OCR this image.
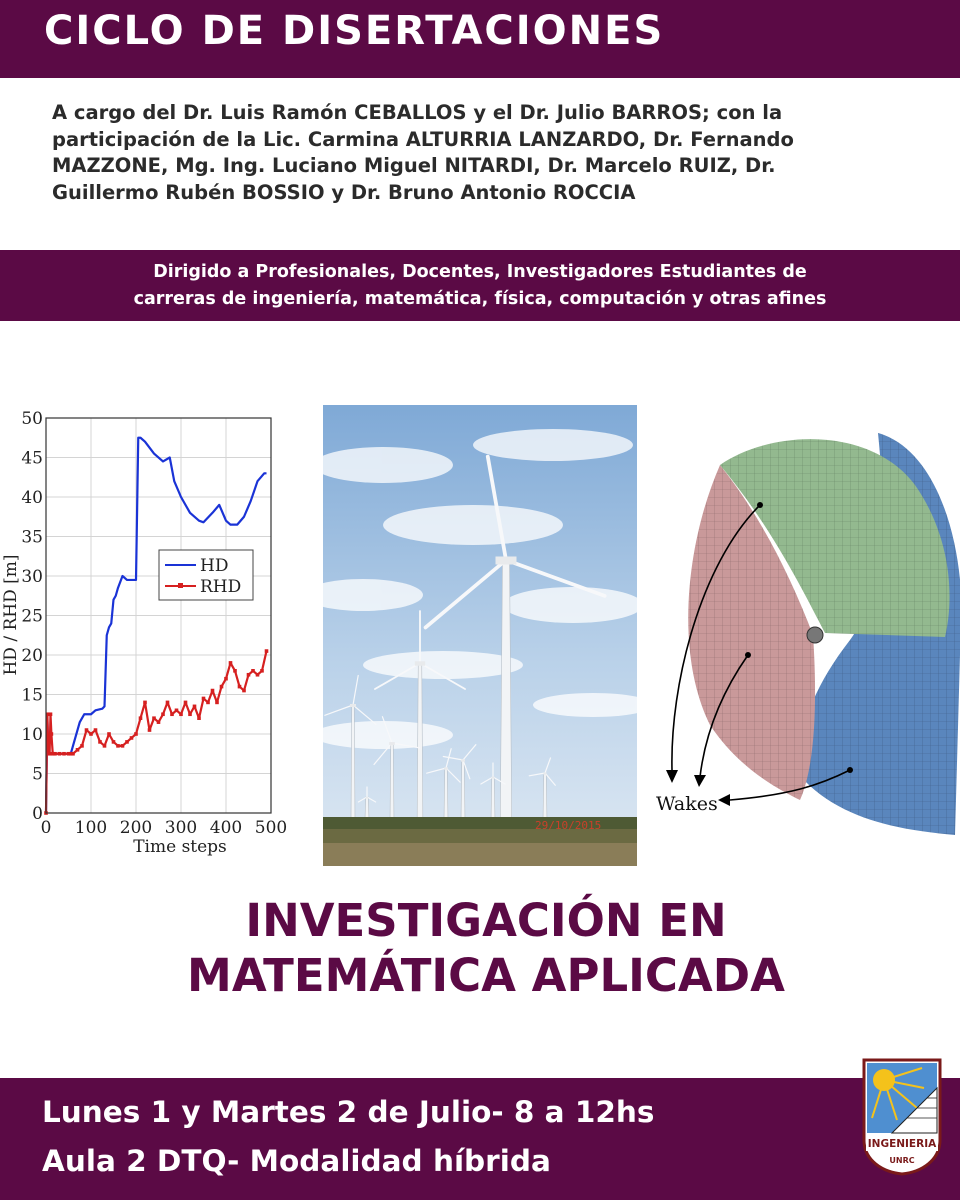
CICLO DE DISERTACIONES

A cargo del Dr. Luis Ramón CEBALLOS y el Dr. Julio BARROS; con la
participación de la Lic. Carmina ALTURRIA LANZARDO, Dr. Fernando
MAZZONE, Mg. Ing. Luciano Miguel NITARDI, Dr. Marcelo RUIZ, Dr.
Guillermo Rubén BOSSIO y Dr. Bruno Antonio ROCCIA

Dirigido a Profesionales, Docentes, Investigadores Estudiantes de
carreras de ingeniería, matemática, física, computación y otras afines

0 100 200 300 400 500
0
5
10
15
20
25
30
35
40
45
50
Time steps
HD / RHD [m]	HD
RHD
29/10/2015
Wakes

INVESTIGACIÓN EN
MATEMÁTICA APLICADA

Lunes 1 y Martes 2 de Julio- 8 a 12hs
Aula 2 DTQ- Modalidad híbrida	INGENIERIA
UNRC
